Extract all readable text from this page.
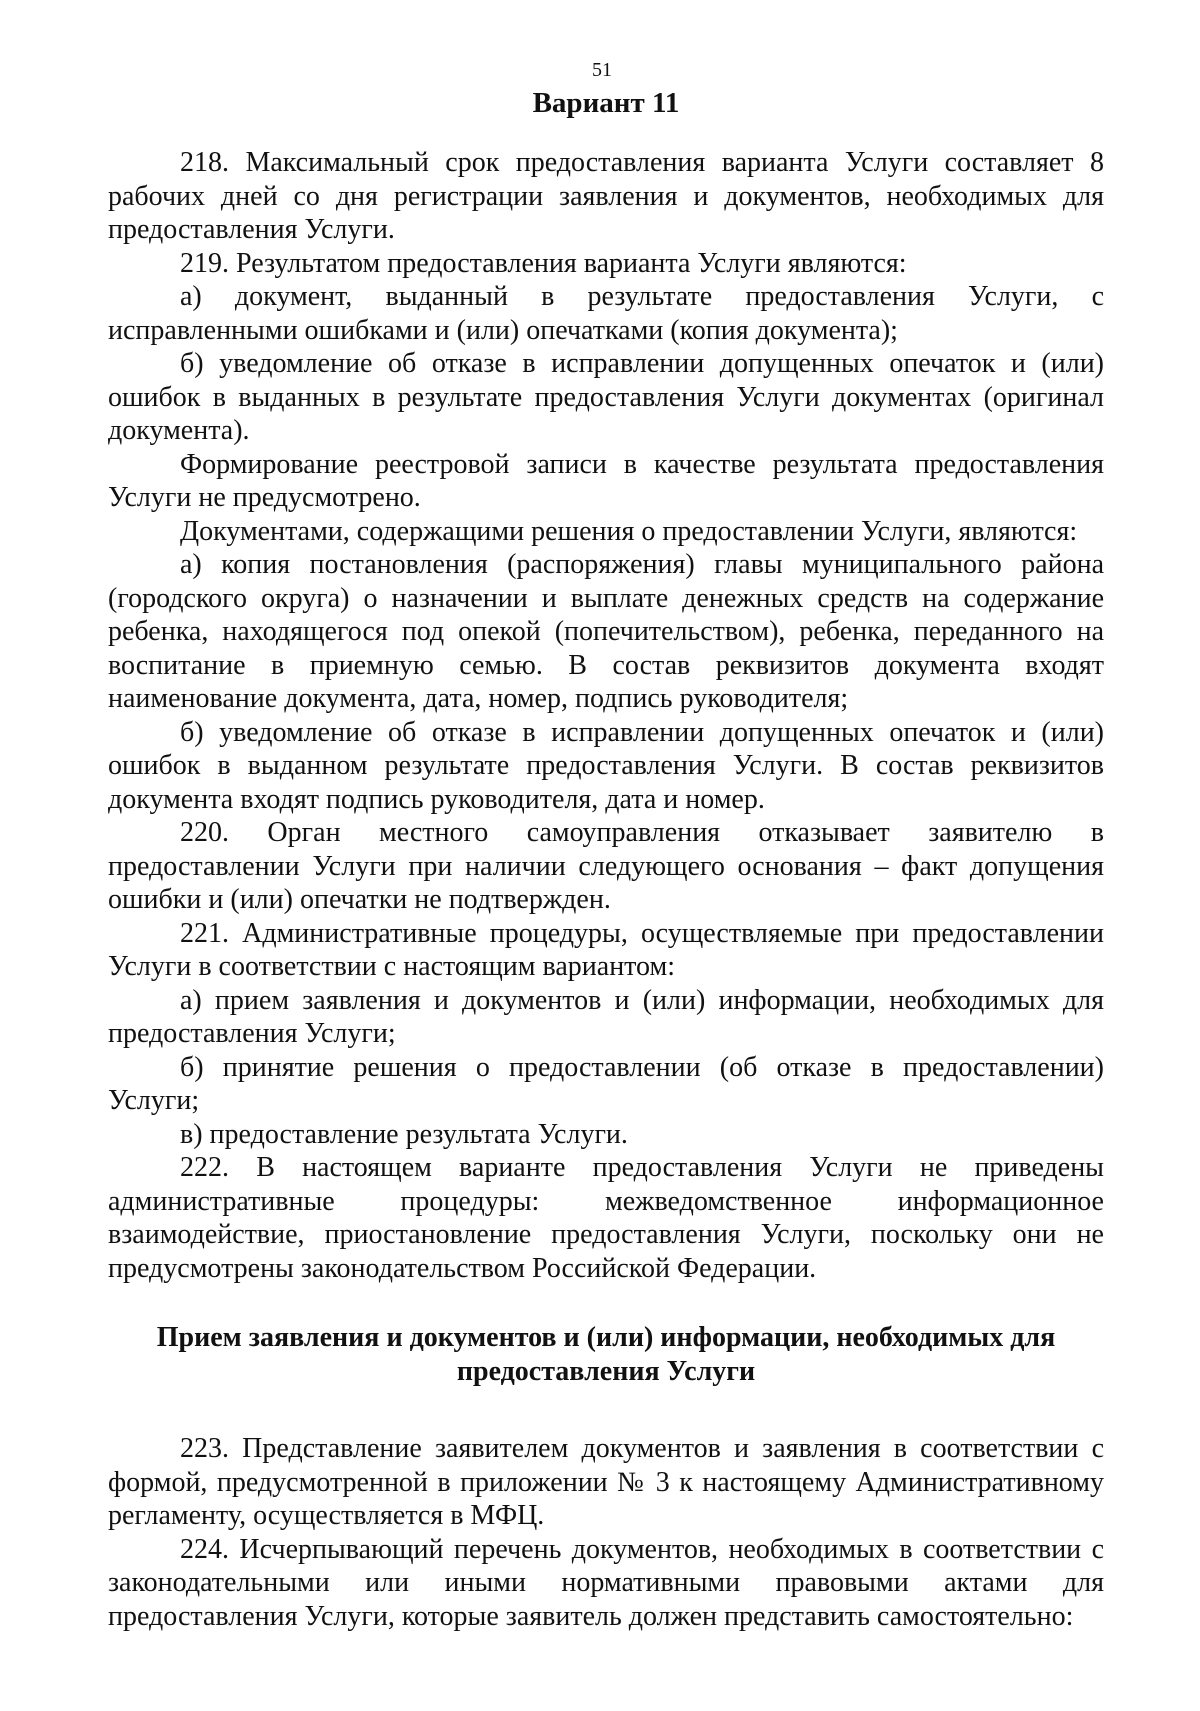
51
Вариант 11

218. Максимальный срок предоставления варианта Услуги составляет 8 рабочих дней со дня регистрации заявления и документов, необходимых для предоставления Услуги.

219. Результатом предоставления варианта Услуги являются:

а) документ, выданный в результате предоставления Услуги, с исправленными ошибками и (или) опечатками (копия документа);

б) уведомление об отказе в исправлении допущенных опечаток и (или) ошибок в выданных в результате предоставления Услуги документах (оригинал документа).

Формирование реестровой записи в качестве результата предоставления Услуги не предусмотрено.

Документами, содержащими решения о предоставлении Услуги, являются:

а) копия постановления (распоряжения) главы муниципального района (городского округа) о назначении и выплате денежных средств на содержание ребенка, находящегося под опекой (попечительством), ребенка, переданного на воспитание в приемную семью. В состав реквизитов документа входят наименование документа, дата, номер, подпись руководителя;

б) уведомление об отказе в исправлении допущенных опечаток и (или) ошибок в выданном результате предоставления Услуги. В состав реквизитов документа входят подпись руководителя, дата и номер.

220. Орган местного самоуправления отказывает заявителю в предоставлении Услуги при наличии следующего основания – факт допущения ошибки и (или) опечатки не подтвержден.

221. Административные процедуры, осуществляемые при предоставлении Услуги в соответствии с настоящим вариантом:

а) прием заявления и документов и (или) информации, необходимых для предоставления Услуги;

б) принятие решения о предоставлении (об отказе в предоставлении) Услуги;

в) предоставление результата Услуги.

222. В настоящем варианте предоставления Услуги не приведены административные процедуры: межведомственное информационное взаимодействие, приостановление предоставления Услуги, поскольку они не предусмотрены законодательством Российской Федерации.

Прием заявления и документов и (или) информации, необходимых для предоставления Услуги

223. Представление заявителем документов и заявления в соответствии с формой, предусмотренной в приложении № 3 к настоящему Административному регламенту, осуществляется в МФЦ.

224. Исчерпывающий перечень документов, необходимых в соответствии с законодательными или иными нормативными правовыми актами для предоставления Услуги, которые заявитель должен представить самостоятельно:
